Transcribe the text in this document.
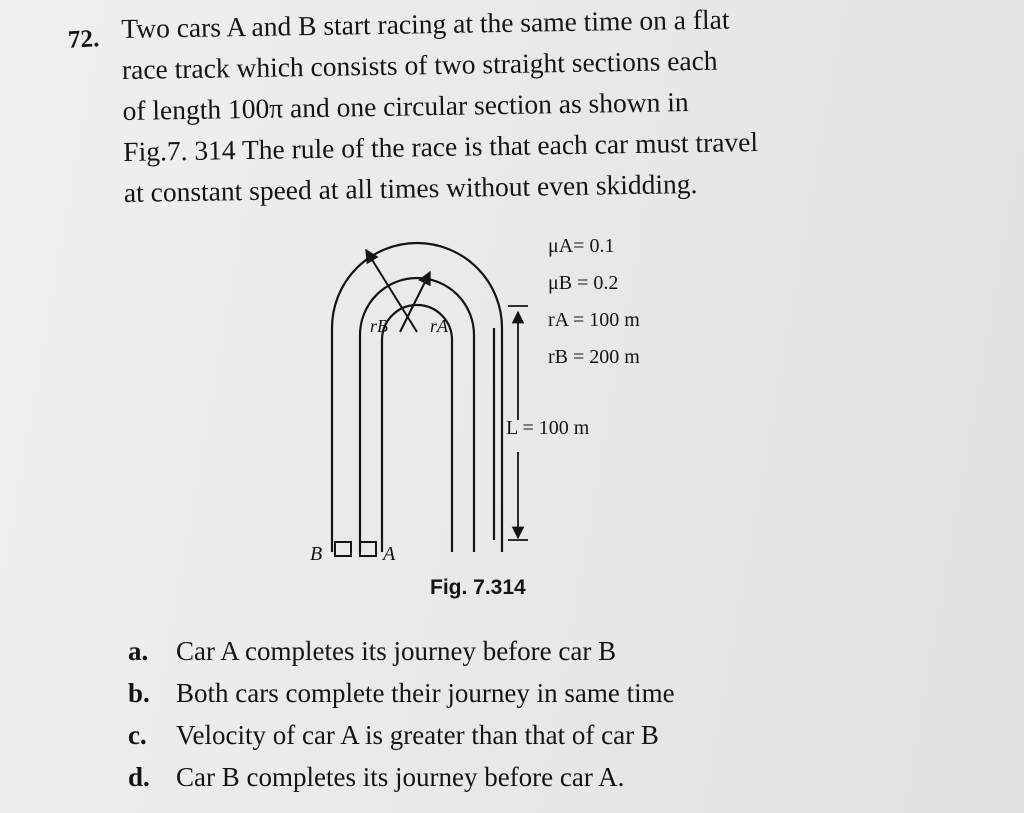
72. Two cars A and B start racing at the same time on a flat
race track which consists of two straight sections each
of length 100π and one circular section as shown in
Fig.7. 314 The rule of the race is that each car must travel
at constant speed at all times without even skidding.
rB rA
B	A
L = 100 m
μA= 0.1
μB = 0.2
rA = 100 m
rB = 200 m
Fig. 7.314
a. Car A completes its journey before car B
b. Both cars complete their journey in same time
c. Velocity of car A is greater than that of car B
d. Car B completes its journey before car A.
